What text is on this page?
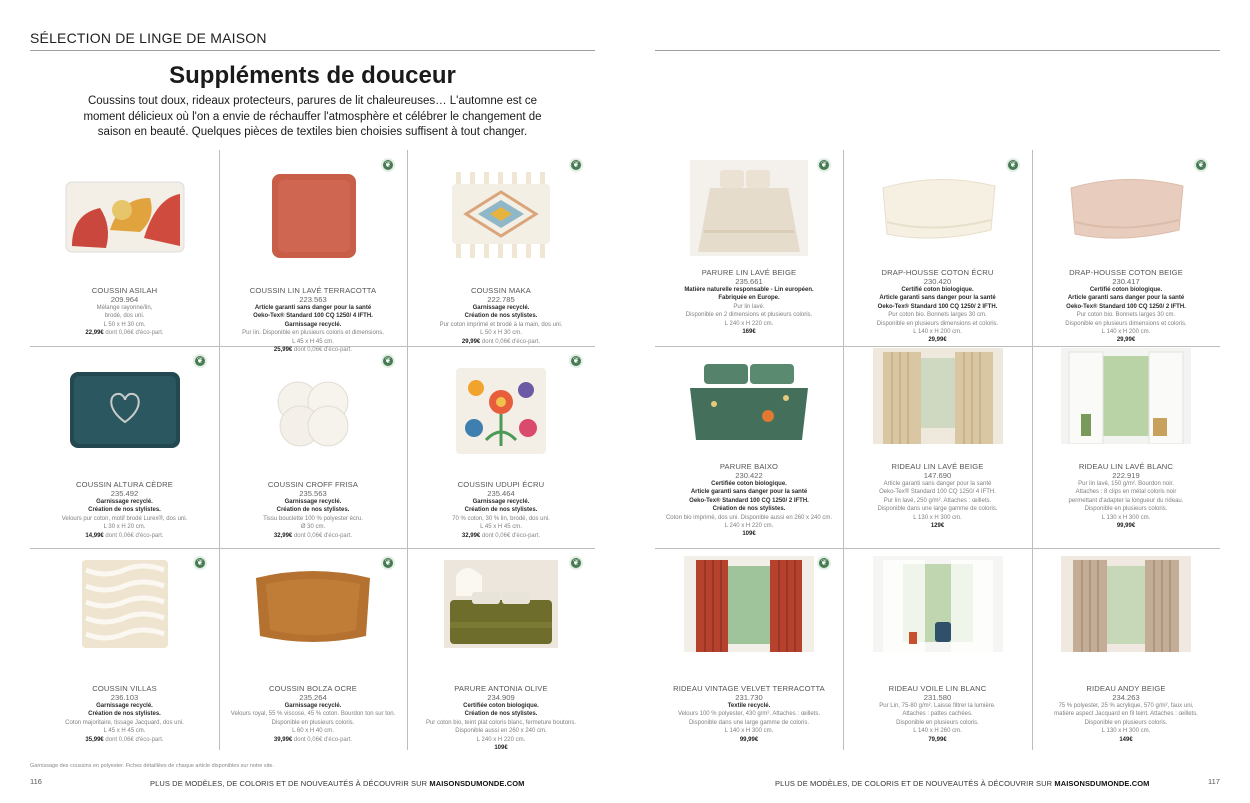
SÉLECTION DE LINGE DE MAISON
Suppléments de douceur
Coussins tout doux, rideaux protecteurs, parures de lit chaleureuses… L'automne est ce moment délicieux où l'on a envie de réchauffer l'atmosphère et célébrer le changement de saison en beauté. Quelques pièces de textiles bien choisies suffisent à tout changer.
COUSSIN ASILAH
209.964
Mélange rayonne/lin,
brodé, dos uni.
L 50 x H 30 cm.
22,99€ dont 0,06€ d'éco-part.
❦
COUSSIN LIN LAVÉ TERRACOTTA
223.563
Article garanti sans danger pour la santé
Oeko-Tex® Standard 100 CQ 1250/ 4 IFTH.
Garnissage recyclé.
Pur lin. Disponible en plusieurs coloris et dimensions.
L 45 x H 45 cm.
25,99€ dont 0,06€ d'éco-part.
❦
COUSSIN MAKA
222.785
Garnissage recyclé.
Création de nos stylistes.
Pur coton imprimé et brodé à la main, dos uni.
L 50 x H 30 cm.
29,99€ dont 0,06€ d'éco-part.
❦
COUSSIN ALTURA CÈDRE
235.492
Garnissage recyclé.
Création de nos stylistes.
Velours pur coton, motif brodé Lurex®, dos uni.
L 30 x H 20 cm.
14,99€ dont 0,06€ d'éco-part.
❦
COUSSIN CROFF FRISA
235.563
Garnissage recyclé.
Création de nos stylistes.
Tissu bouclette 100 % polyester écru.
Ø 30 cm.
32,99€ dont 0,06€ d'éco-part.
❦
COUSSIN UDUPI ÉCRU
235.464
Garnissage recyclé.
Création de nos stylistes.
70 % coton, 30 % lin, brodé, dos uni.
L 45 x H 45 cm.
32,99€ dont 0,06€ d'éco-part.
❦
COUSSIN VILLAS
236.103
Garnissage recyclé.
Création de nos stylistes.
Coton majoritaire, tissage Jacquard, dos uni.
L 45 x H 45 cm.
35,99€ dont 0,06€ d'éco-part.
❦
COUSSIN BOLZA OCRE
235.264
Garnissage recyclé.
Velours royal, 55 % viscose, 45 % coton. Bourdon ton sur ton.
Disponible en plusieurs coloris.
L 60 x H 40 cm.
39,99€ dont 0,06€ d'éco-part.
❦
PARURE ANTONIA OLIVE
234.909
Certifiée coton biologique.
Création de nos stylistes.
Pur coton bio, teint plat coloris blanc, fermeture boutons.
Disponible aussi en 260 x 240 cm.
L 240 x H 220 cm.
109€
❦
PARURE LIN LAVÉ BEIGE
235.661
Matière naturelle responsable - Lin européen.
Fabriquée en Europe.
Pur lin lavé.
Disponible en 2 dimensions et plusieurs coloris.
L 240 x H 220 cm.
169€
❦
DRAP-HOUSSE COTON ÉCRU
230.420
Certifié coton biologique.
Article garanti sans danger pour la santé
Oeko-Tex® Standard 100 CQ 1250/ 2 IFTH.
Pur coton bio. Bonnets larges 30 cm.
Disponible en plusieurs dimensions et coloris.
L 140 x H 200 cm.
29,99€
❦
DRAP-HOUSSE COTON BEIGE
230.417
Certifié coton biologique.
Article garanti sans danger pour la santé
Oeko-Tex® Standard 100 CQ 1250/ 2 IFTH.
Pur coton bio. Bonnets larges 30 cm.
Disponible en plusieurs dimensions et coloris.
L 140 x H 200 cm.
29,99€
PARURE BAIXO
230.422
Certifiée coton biologique.
Article garanti sans danger pour la santé
Oeko-Tex® Standard 100 CQ 1250/ 2 IFTH.
Création de nos stylistes.
Coton bio imprimé, dos uni. Disponible aussi en 260 x 240 cm.
L 240 x H 220 cm.
109€
RIDEAU LIN LAVÉ BEIGE
147.690
Article garanti sans danger pour la santé
Oeko-Tex® Standard 100 CQ 1250/ 4 IFTH.
Pur lin lavé, 250 g/m². Attaches : œillets.
Disponible dans une large gamme de coloris.
L 130 x H 300 cm.
129€
RIDEAU LIN LAVÉ BLANC
222.919
Pur lin lavé, 150 g/m². Bourdon noir.
Attaches : 8 clips en métal coloris noir
permettant d'adapter la longueur du rideau.
Disponible en plusieurs coloris.
L 130 x H 300 cm.
99,99€
❦
RIDEAU VINTAGE VELVET TERRACOTTA
231.730
Textile recyclé.
Velours 100 % polyester, 430 g/m². Attaches : œillets.
Disponible dans une large gamme de coloris.
L 140 x H 300 cm.
99,99€
RIDEAU VOILE LIN BLANC
231.580
Pur Lin, 75-80 g/m². Laisse filtrer la lumière.
Attaches : pattes cachées.
Disponible en plusieurs coloris.
L 140 x H 260 cm.
79,99€
RIDEAU ANDY BEIGE
234.263
75 % polyester, 25 % acrylique, 570 g/m², faux uni,
matière aspect Jacquard en fil teint. Attaches : œillets.
Disponible en plusieurs coloris.
L 130 x H 300 cm.
149€
Garnissage des coussins en polyester. Fiches détaillées de chaque article disponibles sur notre site.
116	117
PLUS DE MODÈLES, DE COLORIS ET DE NOUVEAUTÉS À DÉCOUVRIR SUR MAISONSDUMONDE.COM	PLUS DE MODÈLES, DE COLORIS ET DE NOUVEAUTÉS À DÉCOUVRIR SUR MAISONSDUMONDE.COM
